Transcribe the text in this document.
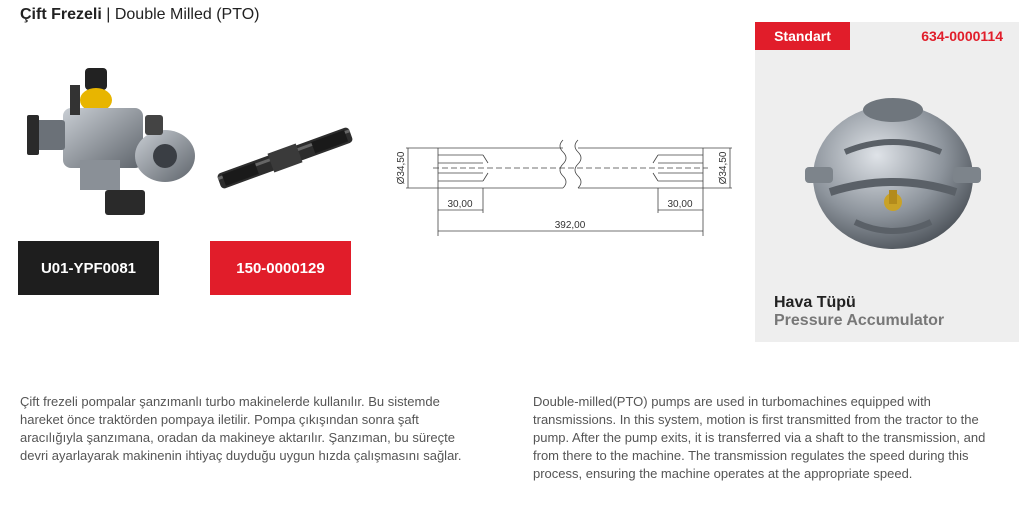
Çift Frezeli | Double Milled (PTO)
U01-YPF0081	150-0000129
Ø34,50	Ø34,50
30,00	30,00
392,00
Standart	634-0000114
Hava Tüpü
Pressure Accumulator
Çift frezeli pompalar şanzımanlı turbo makinelerde kullanılır. Bu sistemde hareket önce traktörden pompaya iletilir. Pompa çıkışından sonra şaft aracılığıyla şanzımana, oradan da makineye aktarılır. Şanzıman, bu süreçte devri ayarlayarak makinenin ihtiyaç duyduğu uygun hızda çalışmasını sağlar.
Double-milled(PTO) pumps are used in turbomachines equipped with transmissions. In this system, motion is first transmitted from the tractor to the pump. After the pump exits, it is transferred via a shaft to the transmission, and from there to the machine. The transmission regulates the speed during this process, ensuring the machine operates at the appropriate speed.
